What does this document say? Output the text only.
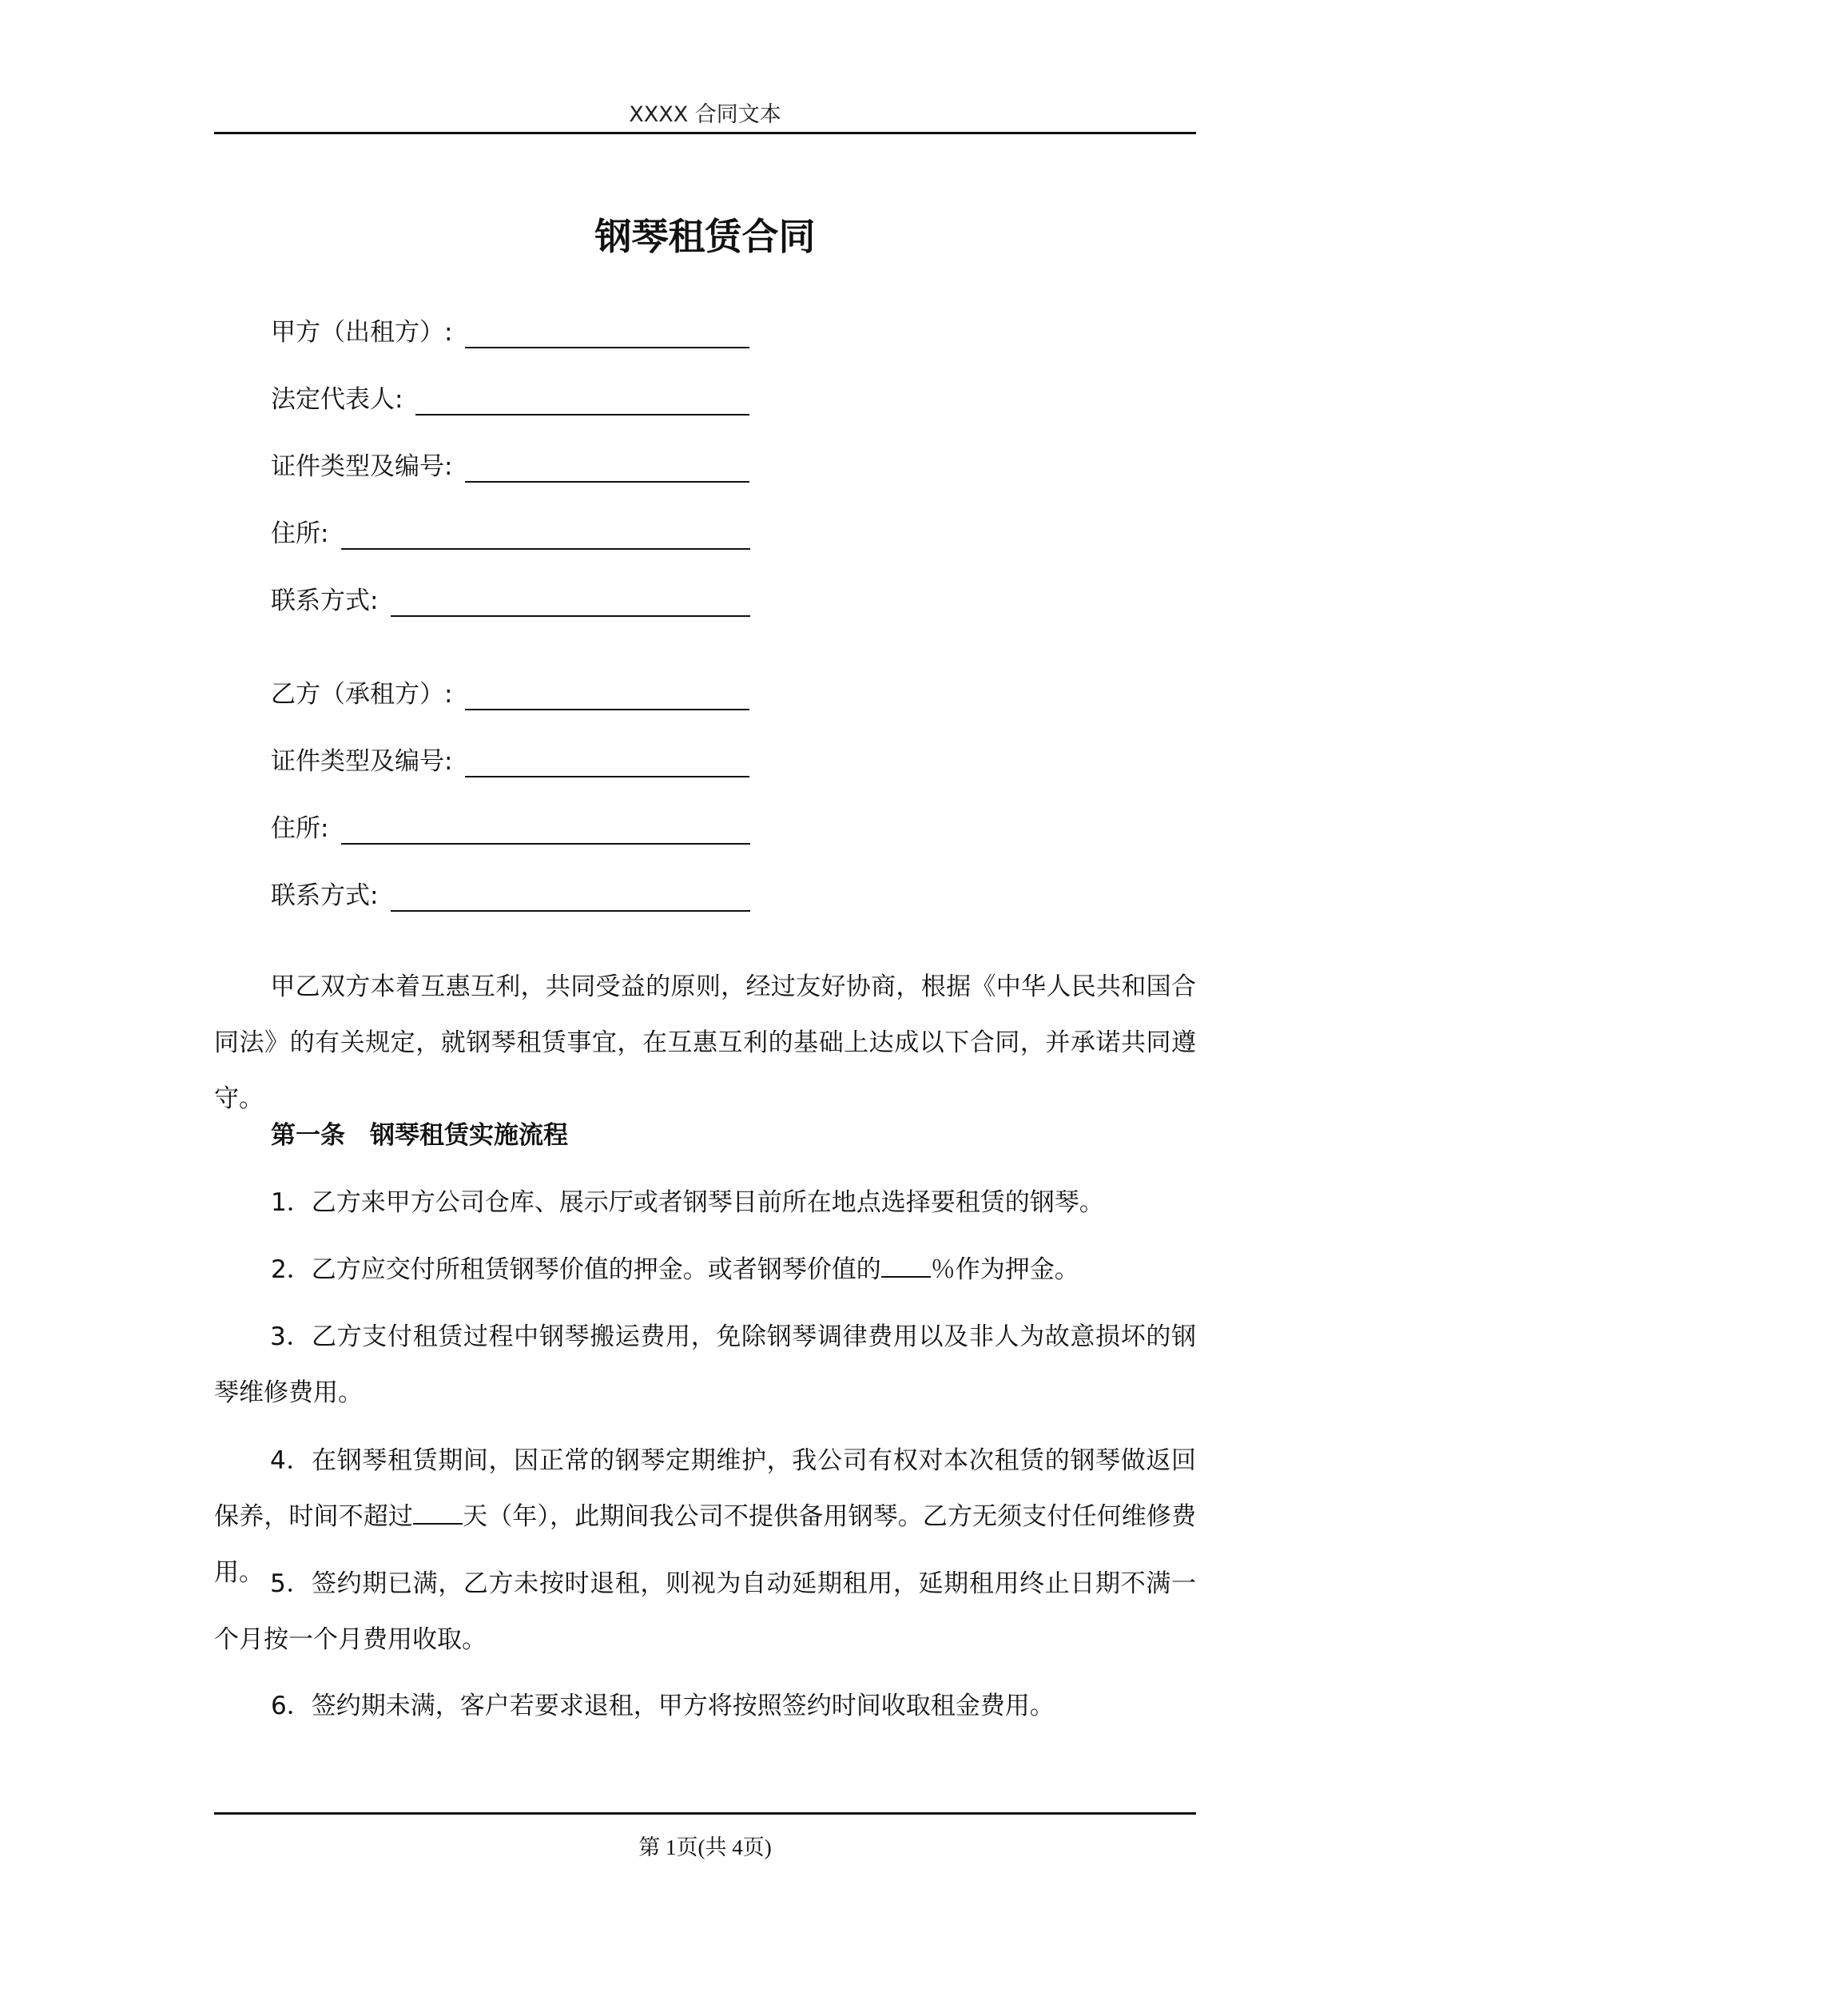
XXXX 合同文本
钢琴租赁合同
甲方（出租方）:
法定代表人:
证件类型及编号:
住所:
联系方式:
乙方（承租方）:
证件类型及编号:
住所:
联系方式:
甲乙双方本着互惠互利，共同受益的原则，经过友好协商，根据《中华人民共和国合同法》的有关规定，就钢琴租赁事宜，在互惠互利的基础上达成以下合同，并承诺共同遵守。
第一条　钢琴租赁实施流程
1．乙方来甲方公司仓库、展示厅或者钢琴目前所在地点选择要租赁的钢琴。
2．乙方应交付所租赁钢琴价值的押金。或者钢琴价值的 ％作为押金。
3．乙方支付租赁过程中钢琴搬运费用，免除钢琴调律费用以及非人为故意损坏的钢琴维修费用。
4．在钢琴租赁期间，因正常的钢琴定期维护，我公司有权对本次租赁的钢琴做返回保养，时间不超过 天（年），此期间我公司不提供备用钢琴。乙方无须支付任何维修费用。 5．签约期已满，乙方未按时退租，则视为自动延期租用，延期租用终止日期不满一个月按一个月费用收取。
6．签约期未满，客户若要求退租，甲方将按照签约时间收取租金费用。
第 1页(共 4页)
